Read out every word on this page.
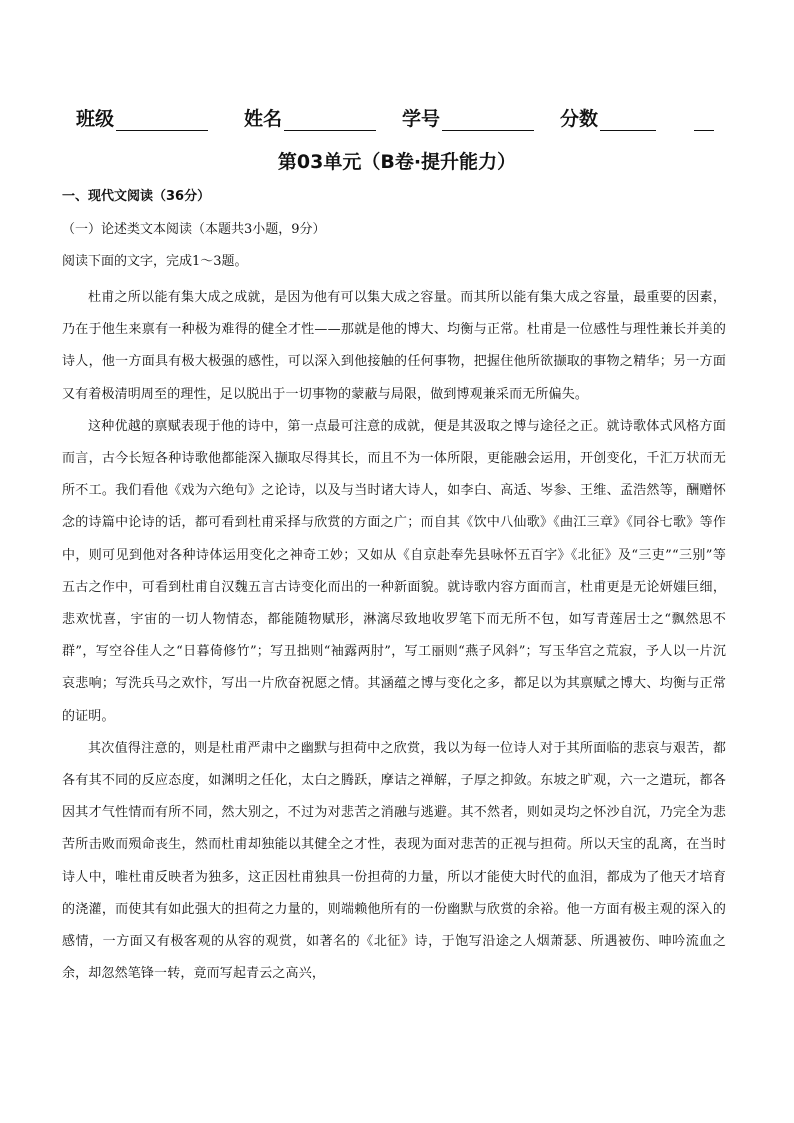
班级	姓名	学号	分数
第03单元（B卷·提升能力）
一、现代文阅读（36分）
（一）论述类文本阅读（本题共3小题，9分）
阅读下面的文字，完成1～3题。

杜甫之所以能有集大成之成就，是因为他有可以集大成之容量。而其所以能有集大成之容量，最重要的因素，乃在于他生来禀有一种极为难得的健全才性——那就是他的博大、均衡与正常。杜甫是一位感性与理性兼长并美的诗人，他一方面具有极大极强的感性，可以深入到他接触的任何事物，把握住他所欲撷取的事物之精华；另一方面又有着极清明周至的理性，足以脱出于一切事物的蒙蔽与局限，做到博观兼采而无所偏失。

这种优越的禀赋表现于他的诗中，第一点最可注意的成就，便是其汲取之博与途径之正。就诗歌体式风格方面而言，古今长短各种诗歌他都能深入撷取尽得其长，而且不为一体所限，更能融会运用，开创变化，千汇万状而无所不工。我们看他《戏为六绝句》之论诗，以及与当时诸大诗人，如李白、高适、岑参、王维、孟浩然等，酬赠怀念的诗篇中论诗的话，都可看到杜甫采择与欣赏的方面之广；而自其《饮中八仙歌》《曲江三章》《同谷七歌》等作中，则可见到他对各种诗体运用变化之神奇工妙；又如从《自京赴奉先县咏怀五百字》《北征》及“三吏”“三别”等五古之作中，可看到杜甫自汉魏五言古诗变化而出的一种新面貌。就诗歌内容方面而言，杜甫更是无论妍媸巨细，悲欢忧喜，宇宙的一切人物情态，都能随物赋形，淋漓尽致地收罗笔下而无所不包，如写青莲居士之“飘然思不群”，写空谷佳人之“日暮倚修竹”；写丑拙则“袖露两肘”，写工丽则“燕子风斜”；写玉华宫之荒寂，予人以一片沉哀悲响；写洗兵马之欢忭，写出一片欣奋祝愿之情。其涵蕴之博与变化之多，都足以为其禀赋之博大、均衡与正常的证明。

其次值得注意的，则是杜甫严肃中之幽默与担荷中之欣赏，我以为每一位诗人对于其所面临的悲哀与艰苦，都各有其不同的反应态度，如渊明之任化，太白之腾跃，摩诘之禅解，子厚之抑敛。东坡之旷观，六一之遣玩，都各因其才气性情而有所不同，然大别之，不过为对悲苦之消融与逃避。其不然者，则如灵均之怀沙自沉，乃完全为悲苦所击败而殒命丧生，然而杜甫却独能以其健全之才性，表现为面对悲苦的正视与担荷。所以天宝的乱离，在当时诗人中，唯杜甫反映者为独多，这正因杜甫独具一份担荷的力量，所以才能使大时代的血泪，都成为了他天才培育的浇灌，而使其有如此强大的担荷之力量的，则端赖他所有的一份幽默与欣赏的余裕。他一方面有极主观的深入的感情，一方面又有极客观的从容的观赏，如著名的《北征》诗，于饱写沿途之人烟萧瑟、所遇被伤、呻吟流血之余，却忽然笔锋一转，竟而写起青云之高兴，
